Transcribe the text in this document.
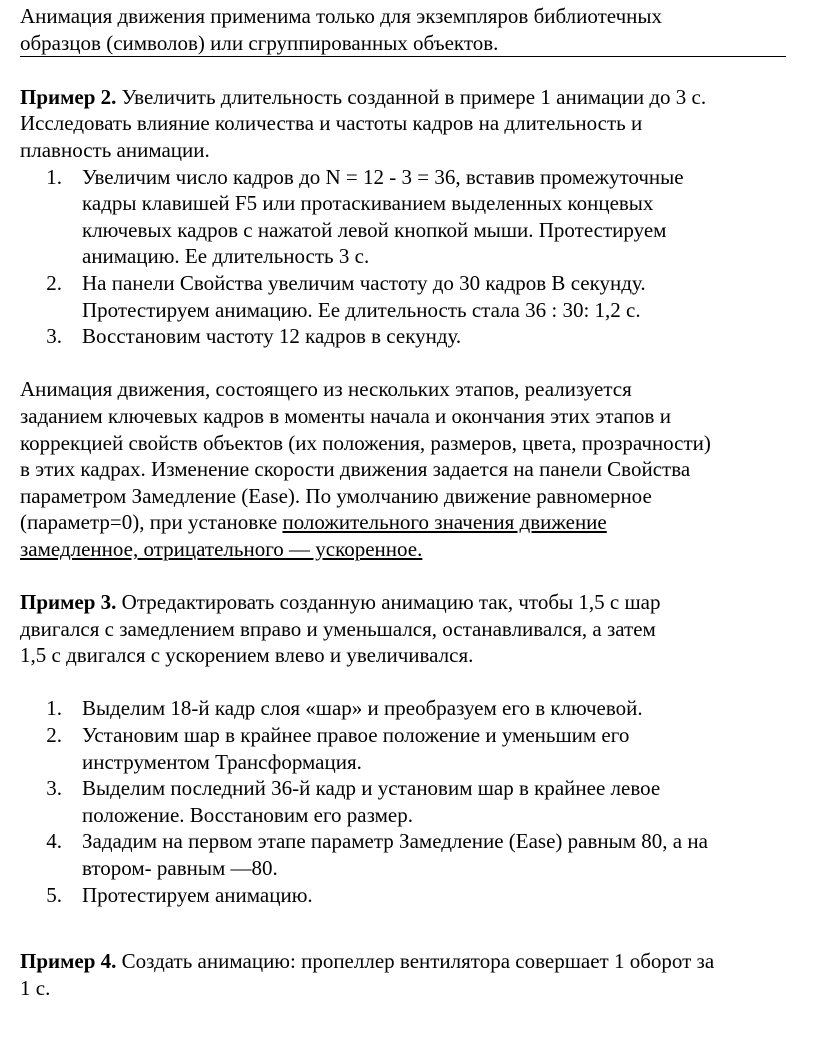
Анимация движения применима только для экземпляров библиотечных
образцов (символов) или сгруппированных объектов.
Пример 2. Увеличить длительность созданной в примере 1 анимации до 3 с.
Исследовать влияние количества и частоты кадров на длительность и
плавность анимации.
1. Увеличим число кадров до N = 12 - 3 = 36, вставив промежуточные
кадры клавишей F5 или протаскиванием выделенных концевых
ключевых кадров с нажатой левой кнопкой мыши. Протестируем
анимацию. Ее длительность 3 с.
2. На панели Свойства увеличим частоту до 30 кадров В секунду.
Протестируем анимацию. Ее длительность стала 36 : 30: 1,2 с.
3. Восстановим частоту 12 кадров в секунду.
Анимация движения, состоящего из нескольких этапов, реализуется
заданием ключевых кадров в моменты начала и окончания этих этапов и
коррекцией свойств объектов (их положения, размеров, цвета, прозрачности)
в этих кадрах. Изменение скорости движения задается на панели Свойства
параметром Замедление (Ease). По умолчанию движение равномерное
(параметр=0), при установке положительного значения движение
замедленное, отрицательного — ускоренное.
Пример 3. Отредактировать созданную анимацию так, чтобы 1,5 с шар
двигался с замедлением вправо и уменьшался, останавливался, а затем
1,5 с двигался с ускорением влево и увеличивался.
1. Выделим 18-й кадр слоя «шар» и преобразуем его в ключевой.
2. Установим шар в крайнее правое положение и уменьшим его
инструментом Трансформация.
3. Выделим последний 36-й кадр и установим шар в крайнее левое
положение. Восстановим его размер.
4. Зададим на первом этапе параметр Замедление (Ease) равным 80, а на
втором- равным —80.
5. Протестируем анимацию.
Пример 4. Создать анимацию: пропеллер вентилятора совершает 1 оборот за
1 с.
